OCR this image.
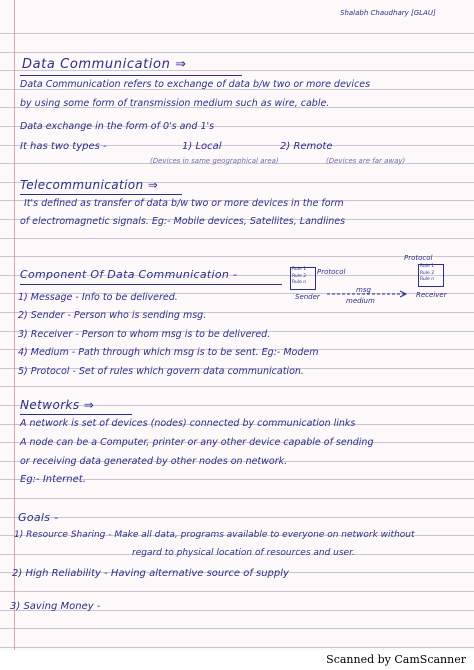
Shalabh Chaudhary [GLAU]
Data Communication ⇒
Data Communication refers to exchange of data b/w two or more devices
by using some form of transmission medium such as wire, cable.
Data exchange in the form of 0's and 1's
It has two types -	1) Local	2) Remote
(Devices in same geographical area)	(Devices are far away)
Telecommunication ⇒
It's defined as transfer of data b/w two or more devices in the form
of electromagnetic signals. Eg:- Mobile devices, Satellites, Landlines
Component Of Data Communication -	Rule 1
Rule 2
Rule n
Protocol
Protocol
Rule 1
Rule 2
Rule n
Sender	Receiver
msg
medium
1) Message - Info to be delivered.
2) Sender - Person who is sending msg.
3) Receiver - Person to whom msg is to be delivered.
4) Medium - Path through which msg is to be sent. Eg:- Modem
5) Protocol - Set of rules which govern data communication.
Networks ⇒
A network is set of devices (nodes) connected by communication links
A node can be a Computer, printer or any other device capable of sending
or receiving data generated by other nodes on network.
Eg:- Internet.
Goals -
1) Resource Sharing - Make all data, programs available to everyone on network without
regard to physical location of resources and user.
2) High Reliability - Having alternative source of supply
3) Saving Money -
Scanned by CamScanner
